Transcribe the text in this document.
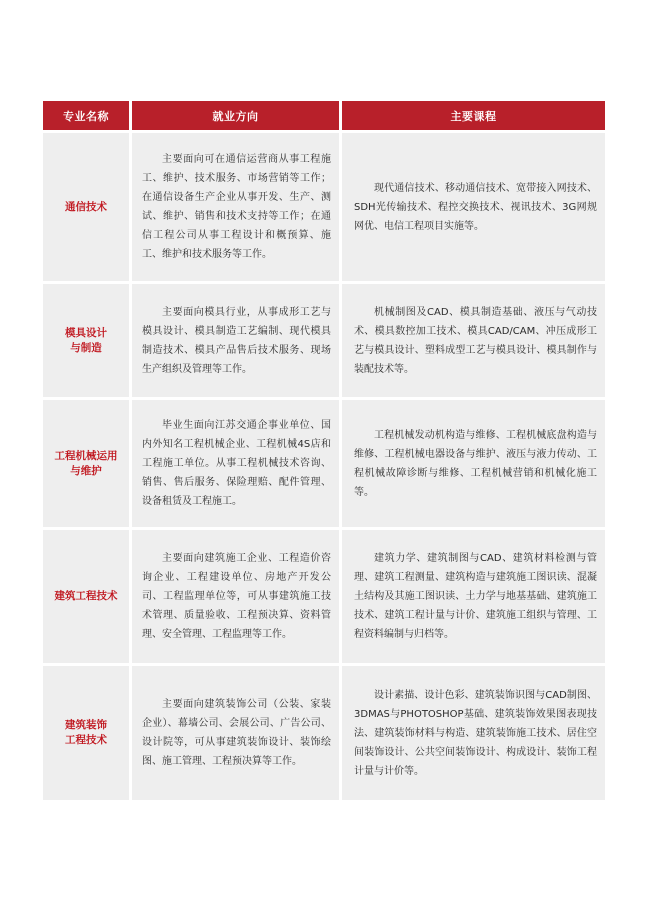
专业名称	就业方向	主要课程
通信技术
主要面向可在通信运营商从事工程施工、维护、技术服务、市场营销等工作；在通信设备生产企业从事开发、生产、测试、维护、销售和技术支持等工作；在通信工程公司从事工程设计和概预算、施工、维护和技术服务等工作。
现代通信技术、移动通信技术、宽带接入网技术、SDH光传输技术、程控交换技术、视讯技术、3G网规网优、电信工程项目实施等。
模具设计与制造
主要面向模具行业，从事成形工艺与模具设计、模具制造工艺编制、现代模具制造技术、模具产品售后技术服务、现场生产组织及管理等工作。
机械制图及CAD、模具制造基础、液压与气动技术、模具数控加工技术、模具CAD/CAM、冲压成形工艺与模具设计、塑料成型工艺与模具设计、模具制作与装配技术等。
工程机械运用与维护
毕业生面向江苏交通企事业单位、国内外知名工程机械企业、工程机械4S店和工程施工单位。从事工程机械技术咨询、销售、售后服务、保险理赔、配件管理、设备租赁及工程施工。
工程机械发动机构造与维修、工程机械底盘构造与维修、工程机械电器设备与维护、液压与液力传动、工程机械故障诊断与维修、工程机械营销和机械化施工等。
建筑工程技术
主要面向建筑施工企业、工程造价咨询企业、工程建设单位、房地产开发公司、工程监理单位等，可从事建筑施工技术管理、质量验收、工程预决算、资料管理、安全管理、工程监理等工作。
建筑力学、建筑制图与CAD、建筑材料检测与管理、建筑工程测量、建筑构造与建筑施工图识读、混凝土结构及其施工图识读、土力学与地基基础、建筑施工技术、建筑工程计量与计价、建筑施工组织与管理、工程资料编制与归档等。
建筑装饰工程技术
主要面向建筑装饰公司（公装、家装企业）、幕墙公司、会展公司、广告公司、设计院等，可从事建筑装饰设计、装饰绘图、施工管理、工程预决算等工作。
设计素描、设计色彩、建筑装饰识图与CAD制图、3DMAS与PHOTOSHOP基础、建筑装饰效果图表现技法、建筑装饰材料与构造、建筑装饰施工技术、居住空间装饰设计、公共空间装饰设计、构成设计、装饰工程计量与计价等。
